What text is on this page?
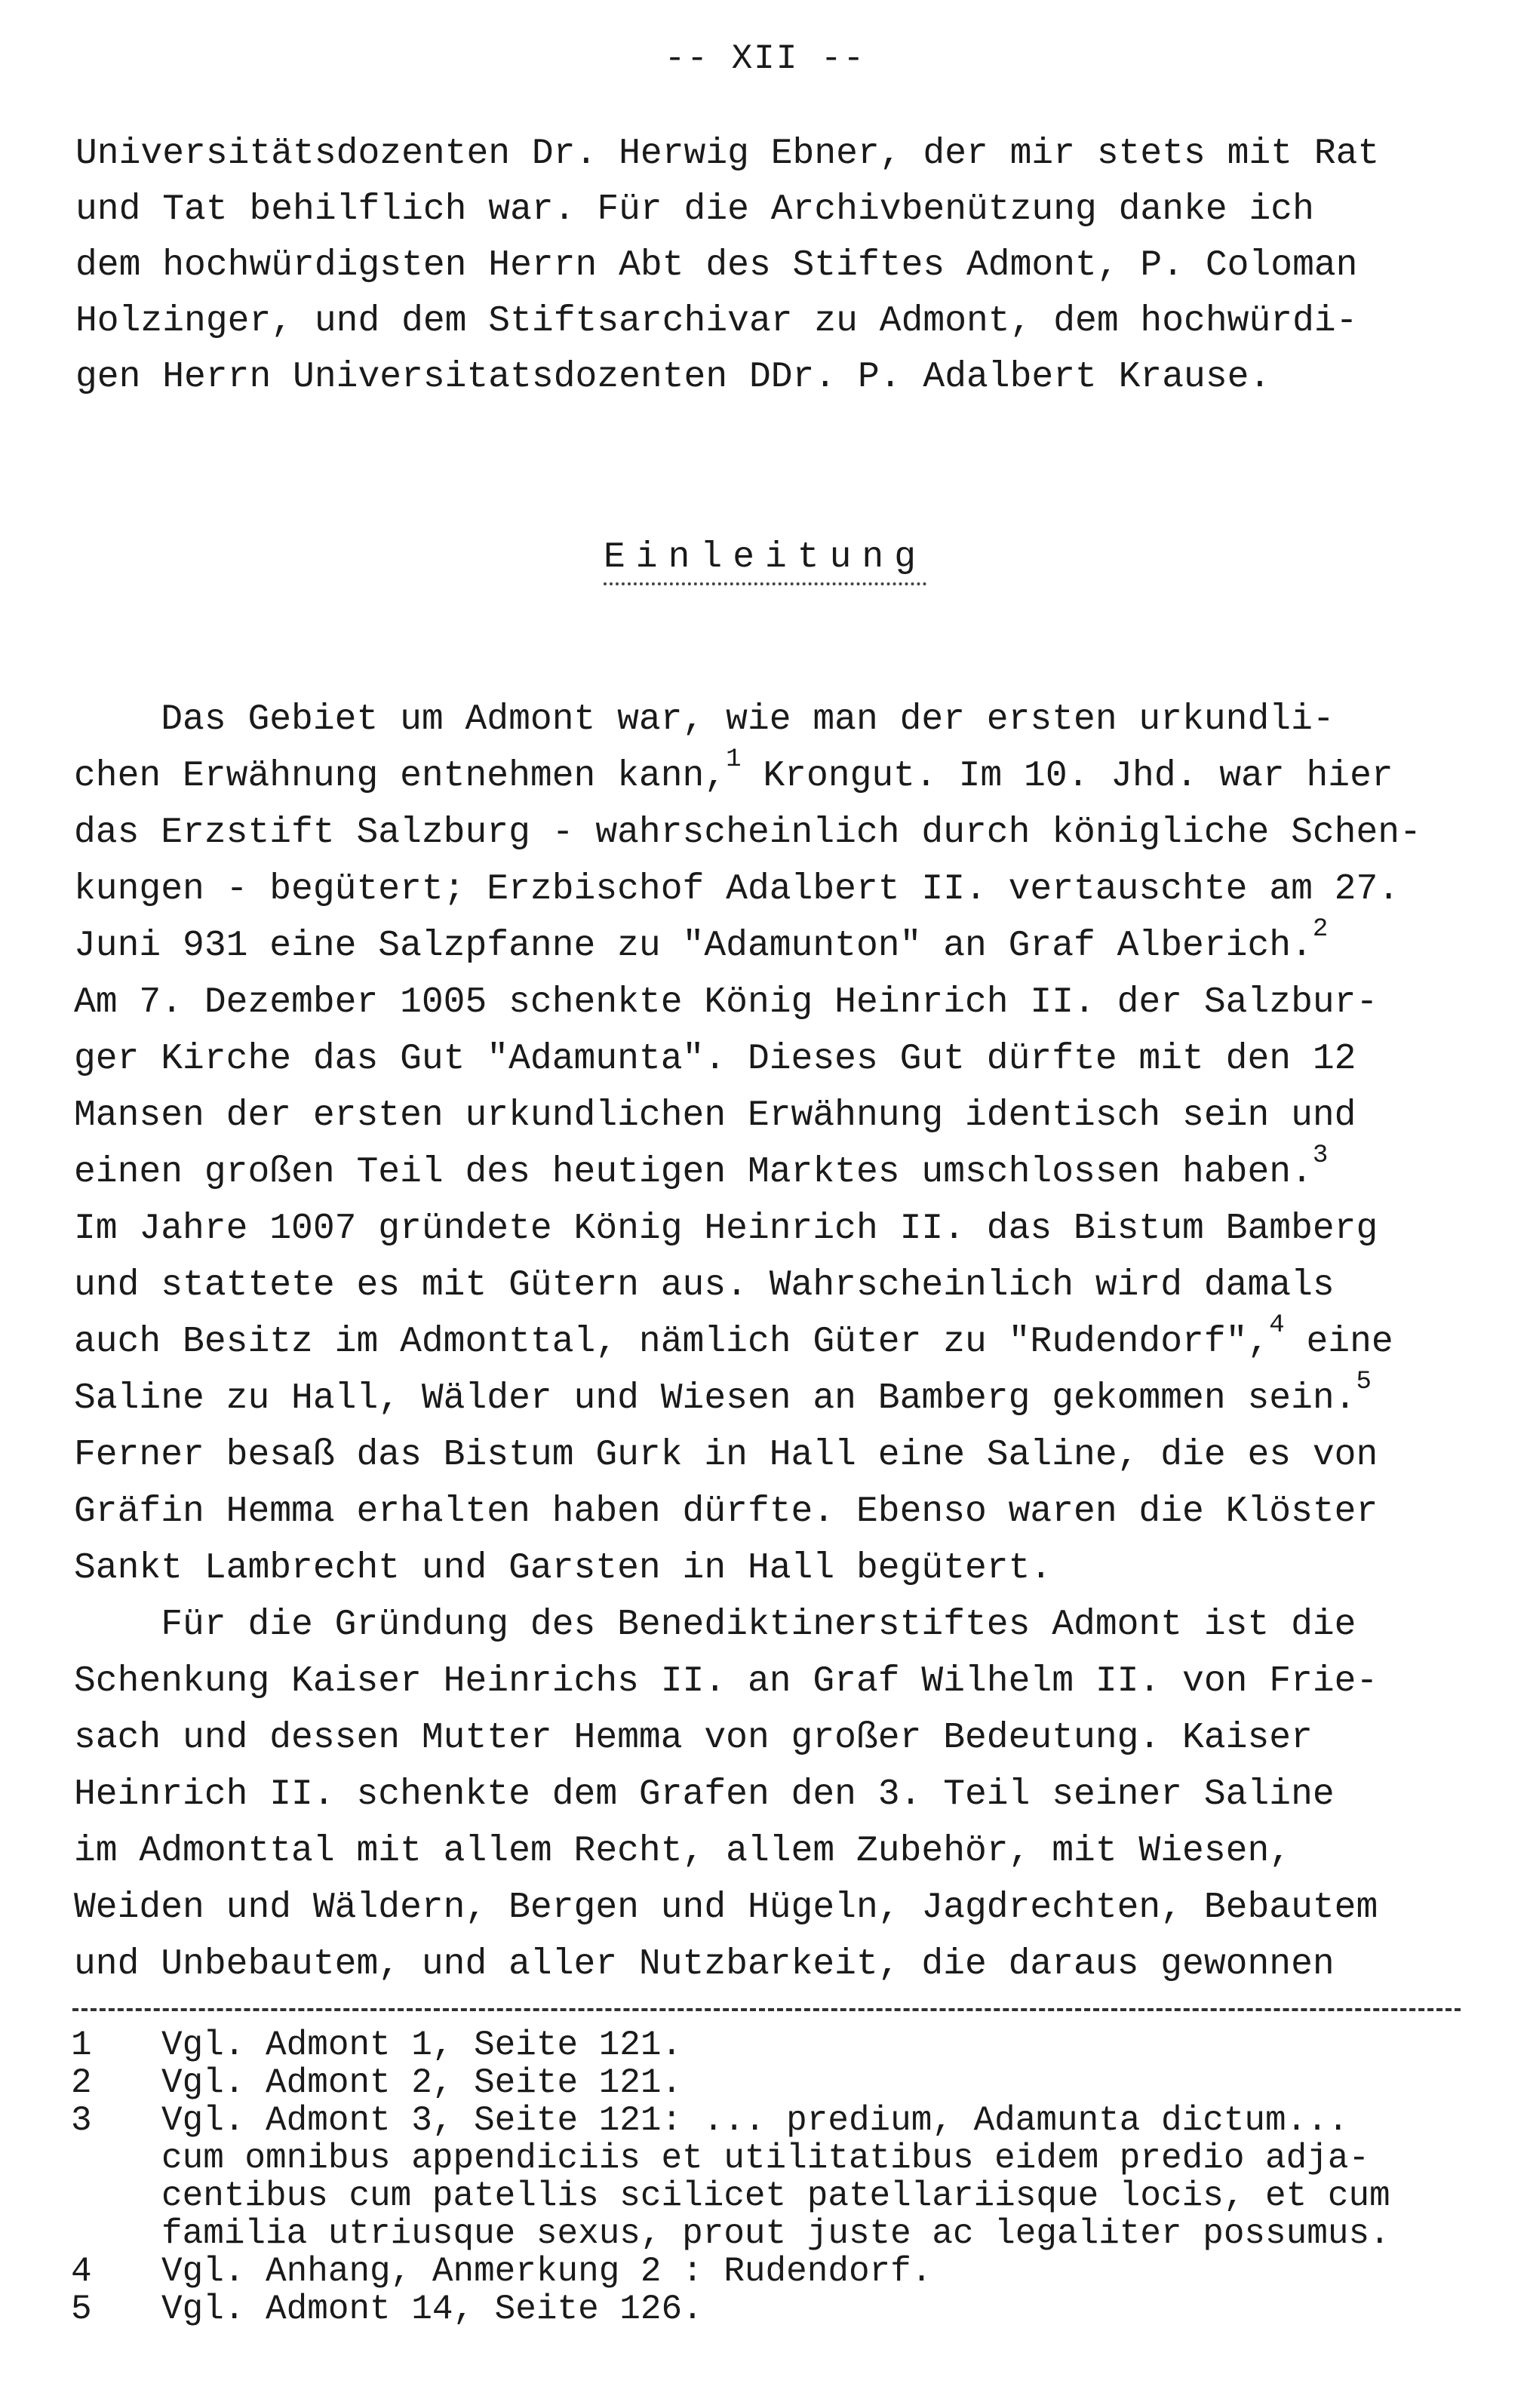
-- XII --
Universitätsdozenten Dr. Herwig Ebner, der mir stets mit Rat
und Tat behilflich war. Für die Archivbenützung danke ich
dem hochwürdigsten Herrn Abt des Stiftes Admont, P. Coloman
Holzinger, und dem Stiftsarchivar zu Admont, dem hochwürdi-
gen Herrn Universitatsdozenten DDr. P. Adalbert Krause.
Einleitung
Das Gebiet um Admont war, wie man der ersten urkundli-
chen Erwähnung entnehmen kann,$^1$ Krongut. Im 10. Jhd. war hier
das Erzstift Salzburg - wahrscheinlich durch königliche Schen-
kungen - begütert; Erzbischof Adalbert II. vertauschte am 27.
Juni 931 eine Salzpfanne zu "Adamunton" an Graf Alberich.$^2$
Am 7. Dezember 1005 schenkte König Heinrich II. der Salzbur-
ger Kirche das Gut "Adamunta". Dieses Gut dürfte mit den 12
Mansen der ersten urkundlichen Erwähnung identisch sein und
einen großen Teil des heutigen Marktes umschlossen haben.$^3$
Im Jahre 1007 gründete König Heinrich II. das Bistum Bamberg
und stattete es mit Gütern aus. Wahrscheinlich wird damals
auch Besitz im Admonttal, nämlich Güter zu "Rudendorf",$^4$ eine
Saline zu Hall, Wälder und Wiesen an Bamberg gekommen sein.$^5$
Ferner besaß das Bistum Gurk in Hall eine Saline, die es von
Gräfin Hemma erhalten haben dürfte. Ebenso waren die Klöster
Sankt Lambrecht und Garsten in Hall begütert.
Für die Gründung des Benediktinerstiftes Admont ist die
Schenkung Kaiser Heinrichs II. an Graf Wilhelm II. von Frie-
sach und dessen Mutter Hemma von großer Bedeutung. Kaiser
Heinrich II. schenkte dem Grafen den 3. Teil seiner Saline
im Admonttal mit allem Recht, allem Zubehör, mit Wiesen,
Weiden und Wäldern, Bergen und Hügeln, Jagdrechten, Bebautem
und Unbebautem, und aller Nutzbarkeit, die daraus gewonnen
1 Vgl. Admont 1, Seite 121.
2 Vgl. Admont 2, Seite 121.
3 Vgl. Admont 3, Seite 121: ... predium, Adamunta dictum...
cum omnibus appendiciis et utilitatibus eidem predio adja-
centibus cum patellis scilicet patellariisque locis, et cum
familia utriusque sexus, prout juste ac legaliter possumus.
4 Vgl. Anhang, Anmerkung 2 : Rudendorf.
5 Vgl. Admont 14, Seite 126.
